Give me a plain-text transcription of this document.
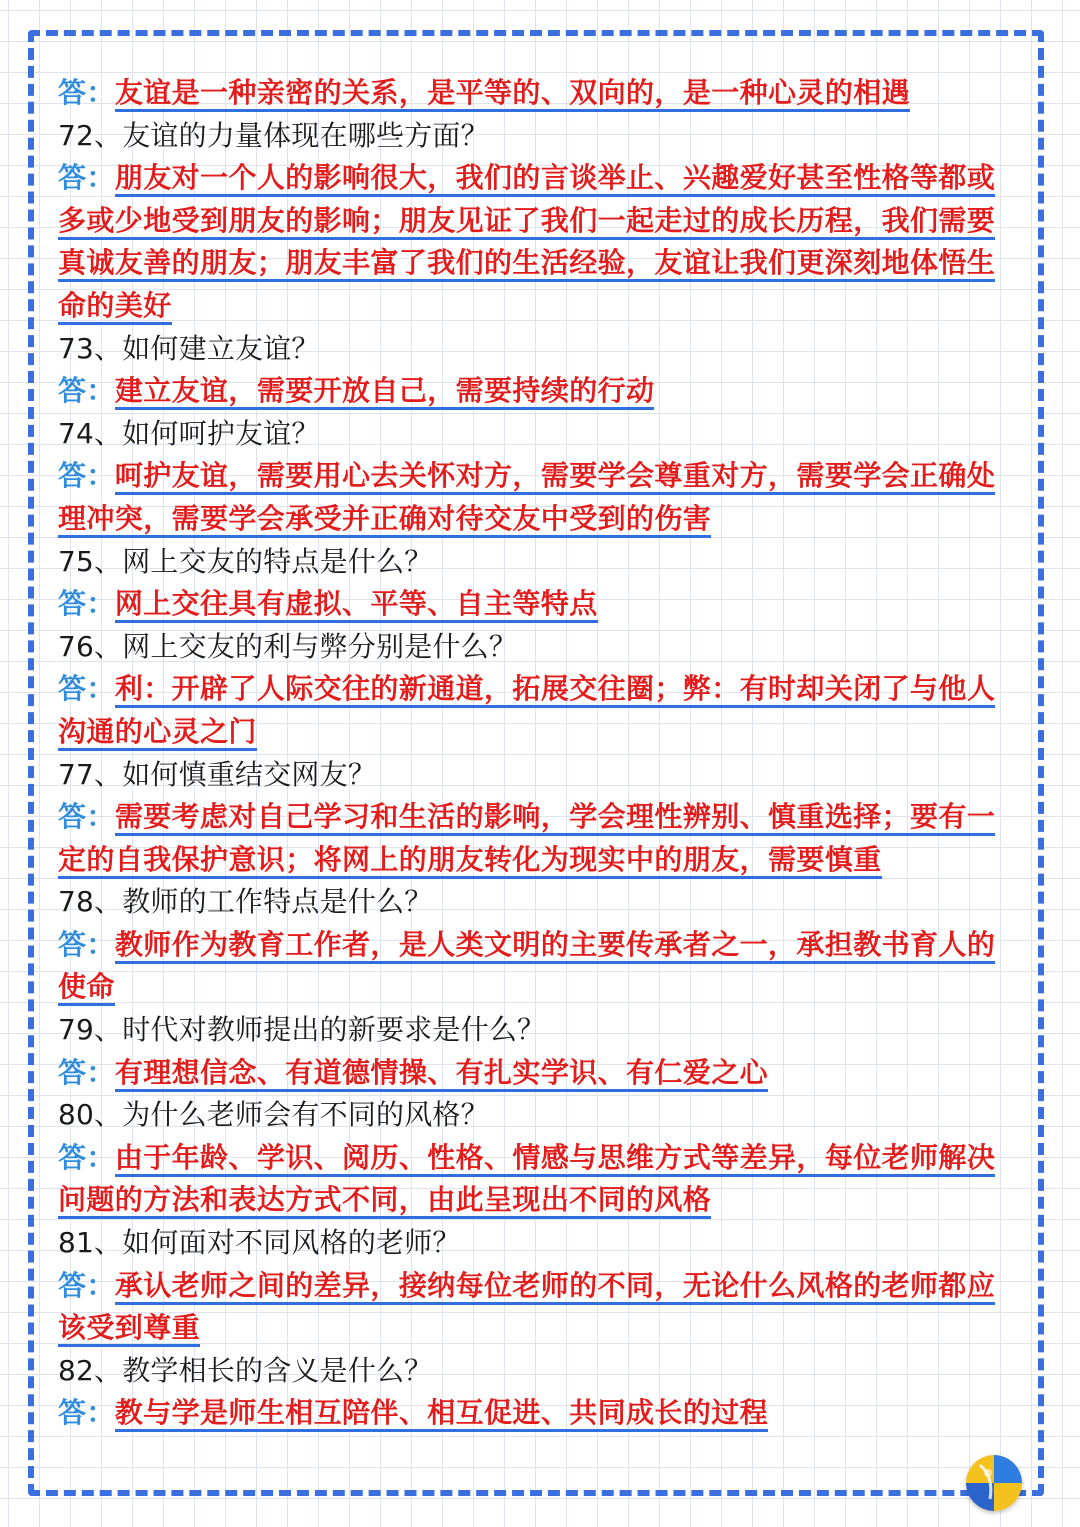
答：友谊是一种亲密的关系，是平等的、双向的，是一种心灵的相遇
72、友谊的力量体现在哪些方面？
答：朋友对一个人的影响很大，我们的言谈举止、兴趣爱好甚至性格等都或
多或少地受到朋友的影响；朋友见证了我们一起走过的成长历程，我们需要
真诚友善的朋友；朋友丰富了我们的生活经验，友谊让我们更深刻地体悟生
命的美好
73、如何建立友谊？
答：建立友谊，需要开放自己，需要持续的行动
74、如何呵护友谊？
答：呵护友谊，需要用心去关怀对方，需要学会尊重对方，需要学会正确处
理冲突，需要学会承受并正确对待交友中受到的伤害
75、网上交友的特点是什么？
答：网上交往具有虚拟、平等、自主等特点
76、网上交友的利与弊分别是什么？
答：利：开辟了人际交往的新通道，拓展交往圈；弊：有时却关闭了与他人
沟通的心灵之门
77、如何慎重结交网友？
答：需要考虑对自己学习和生活的影响，学会理性辨别、慎重选择；要有一
定的自我保护意识；将网上的朋友转化为现实中的朋友，需要慎重
78、教师的工作特点是什么？
答：教师作为教育工作者，是人类文明的主要传承者之一，承担教书育人的
使命
79、时代对教师提出的新要求是什么？
答：有理想信念、有道德情操、有扎实学识、有仁爱之心
80、为什么老师会有不同的风格？
答：由于年龄、学识、阅历、性格、情感与思维方式等差异，每位老师解决
问题的方法和表达方式不同，由此呈现出不同的风格
81、如何面对不同风格的老师？
答：承认老师之间的差异，接纳每位老师的不同，无论什么风格的老师都应
该受到尊重
82、教学相长的含义是什么？
答：教与学是师生相互陪伴、相互促进、共同成长的过程
